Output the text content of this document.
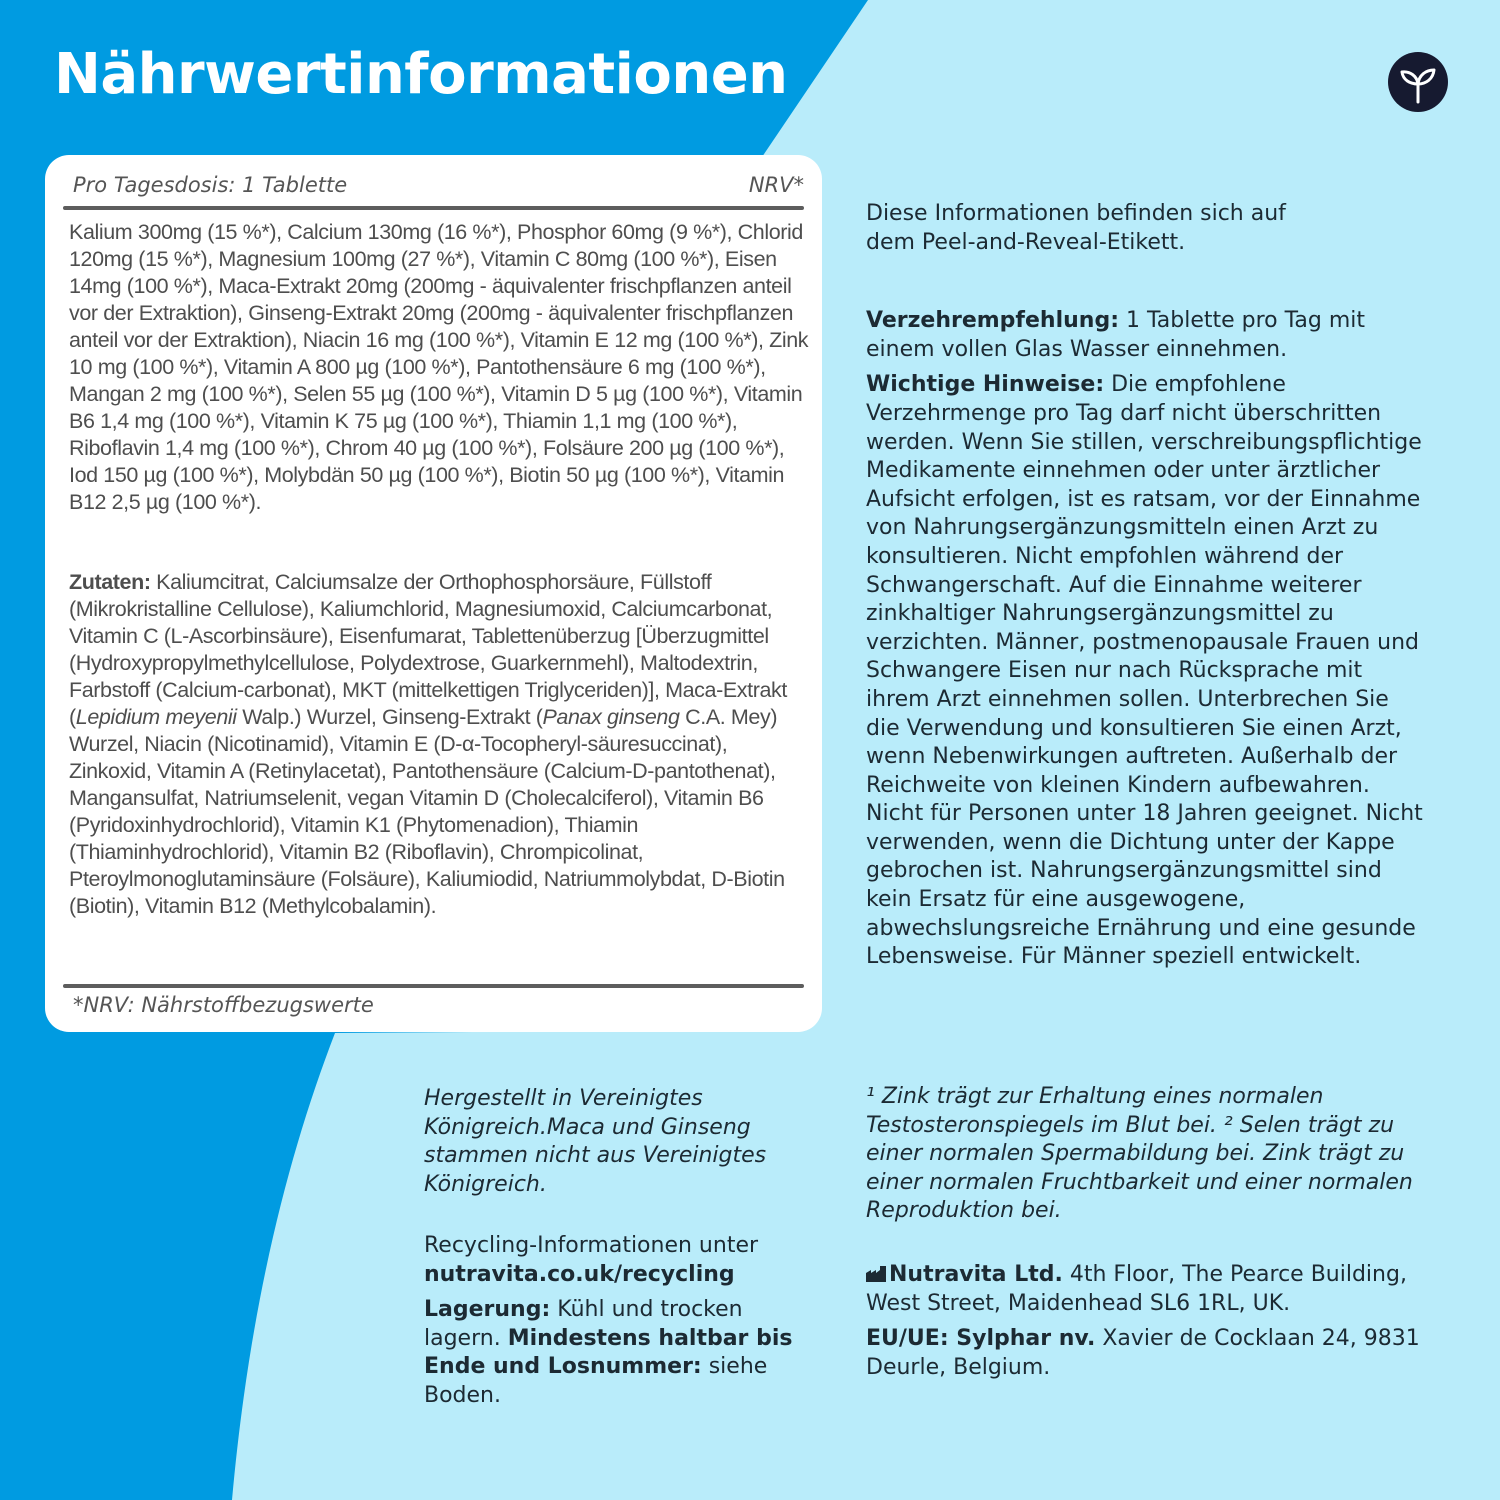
Nährwertinformationen
Pro Tagesdosis: 1 Tablette	NRV*

Kalium 300mg (15 %*), Calcium 130mg (16 %*), Phosphor 60mg (9 %*), Chlorid 120mg (15 %*), Magnesium 100mg (27 %*), Vitamin C 80mg (100 %*), Eisen 14mg (100 %*), Maca-Extrakt 20mg (200mg - äquivalenter frischpflanzen anteil vor der Extraktion), Ginseng-Extrakt 20mg (200mg - äquivalenter frischpflanzen anteil vor der Extraktion), Niacin 16 mg (100 %*), Vitamin E 12 mg (100 %*), Zink 10 mg (100 %*), Vitamin A 800 µg (100 %*), Pantothensäure 6 mg (100 %*), Mangan 2 mg (100 %*), Selen 55 µg (100 %*), Vitamin D 5 µg (100 %*), Vitamin B6 1,4 mg (100 %*), Vitamin K 75 µg (100 %*), Thiamin 1,1 mg (100 %*), Riboflavin 1,4 mg (100 %*), Chrom 40 µg (100 %*), Folsäure 200 µg (100 %*), Iod 150 µg (100 %*), Molybdän 50 µg (100 %*), Biotin 50 µg (100 %*), Vitamin B12 2,5 µg (100 %*).

Zutaten: Kaliumcitrat, Calciumsalze der Orthophosphorsäure, Füllstoff (Mikrokristalline Cellulose), Kaliumchlorid, Magnesiumoxid, Calciumcarbonat, Vitamin C (L-Ascorbinsäure), Eisenfumarat, Tablettenüberzug [Überzugmittel (Hydroxypropylmethylcellulose, Polydextrose, Guarkernmehl), Maltodextrin, Farbstoff (Calcium-carbonat), MKT (mittelkettigen Triglyceriden)], Maca-Extrakt (Lepidium meyenii Walp.) Wurzel, Ginseng-Extrakt (Panax ginseng C.A. Mey) Wurzel, Niacin (Nicotinamid), Vitamin E (D-α-Tocopheryl-säuresuccinat), Zinkoxid, Vitamin A (Retinylacetat), Pantothensäure (Calcium-D-pantothenat), Mangansulfat, Natriumselenit, vegan Vitamin D (Cholecalciferol), Vitamin B6 (Pyridoxinhydrochlorid), Vitamin K1 (Phytomenadion), Thiamin (Thiaminhydrochlorid), Vitamin B2 (Riboflavin), Chrompicolinat, Pteroylmonoglutaminsäure (Folsäure), Kaliumiodid, Natriummolybdat, D-Biotin (Biotin), Vitamin B12 (Methylcobalamin).

*NRV: Nährstoffbezugswerte

Diese Informationen befinden sich auf dem Peel-and-Reveal-Etikett.

Verzehrempfehlung: 1 Tablette pro Tag mit einem vollen Glas Wasser einnehmen.

Wichtige Hinweise: Die empfohlene Verzehrmenge pro Tag darf nicht überschritten werden. Wenn Sie stillen, verschreibungspflichtige Medikamente einnehmen oder unter ärztlicher Aufsicht erfolgen, ist es ratsam, vor der Einnahme von Nahrungsergänzungsmitteln einen Arzt zu konsultieren. Nicht empfohlen während der Schwangerschaft. Auf die Einnahme weiterer zinkhaltiger Nahrungsergänzungsmittel zu verzichten. Männer, postmenopausale Frauen und Schwangere Eisen nur nach Rücksprache mit ihrem Arzt einnehmen sollen. Unterbrechen Sie die Verwendung und konsultieren Sie einen Arzt, wenn Nebenwirkungen auftreten. Außerhalb der Reichweite von kleinen Kindern aufbewahren. Nicht für Personen unter 18 Jahren geeignet. Nicht verwenden, wenn die Dichtung unter der Kappe gebrochen ist. Nahrungsergänzungsmittel sind kein Ersatz für eine ausgewogene, abwechslungsreiche Ernährung und eine gesunde Lebensweise. Für Männer speziell entwickelt.

¹ Zink trägt zur Erhaltung eines normalen Testosteronspiegels im Blut bei. ² Selen trägt zu einer normalen Spermabildung bei. Zink trägt zu einer normalen Fruchtbarkeit und einer normalen Reproduktion bei.

Nutravita Ltd. 4th Floor, The Pearce Building, West Street, Maidenhead SL6 1RL, UK.

EU/UE: Sylphar nv. Xavier de Cocklaan 24, 9831 Deurle, Belgium.

Hergestellt in Vereinigtes Königreich.Maca und Ginseng stammen nicht aus Vereinigtes Königreich.

Recycling-Informationen unter
nutravita.co.uk/recycling

Lagerung: Kühl und trocken lagern. Mindestens haltbar bis Ende und Losnummer: siehe Boden.
